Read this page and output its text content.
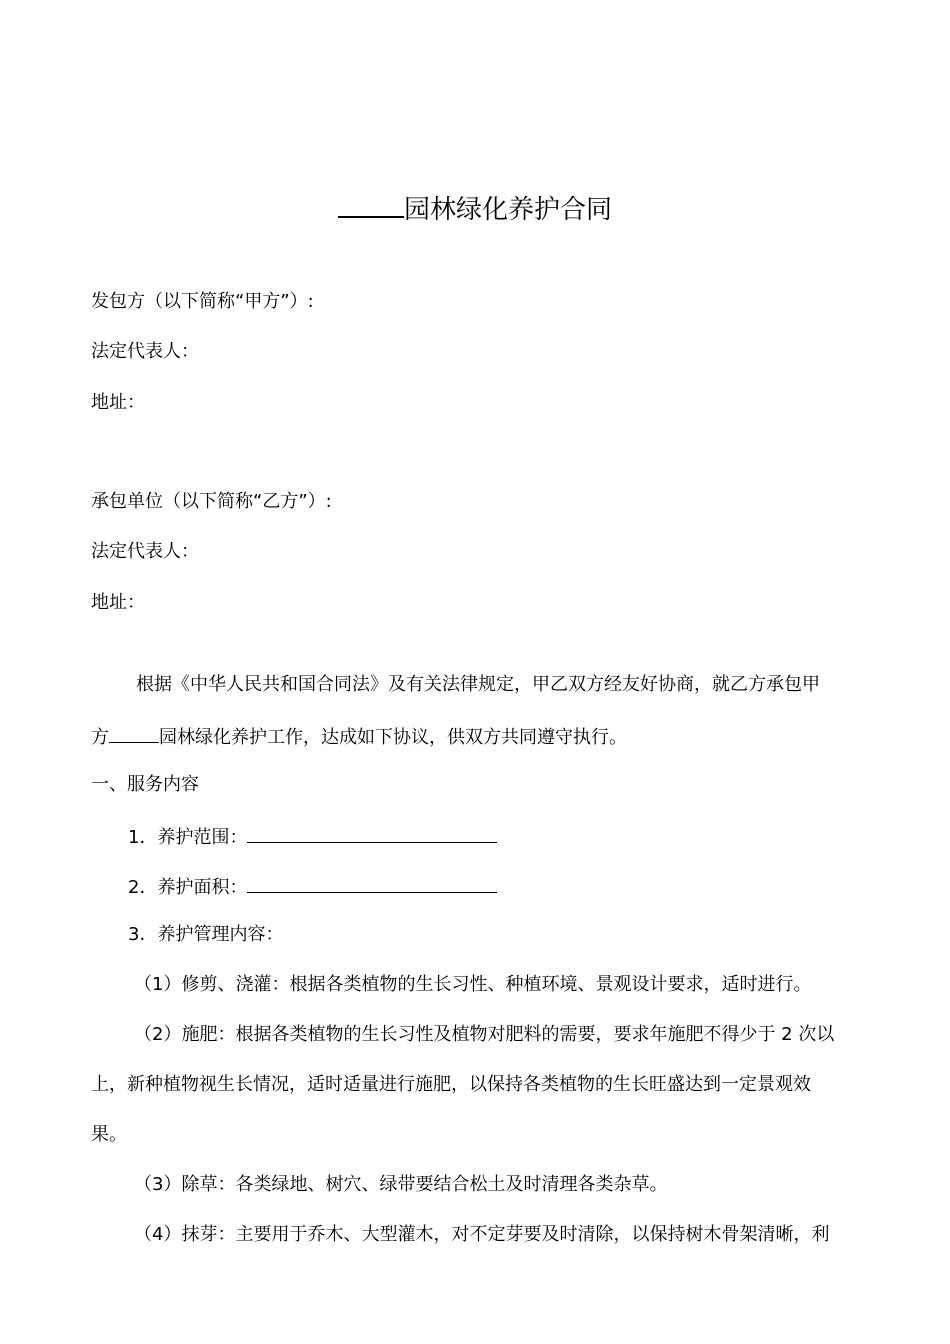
园林绿化养护合同
发包方（以下简称“甲方”）:
法定代表人：
地址：
承包单位（以下简称“乙方”）:
法定代表人：
地址：
根据《中华人民共和国合同法》及有关法律规定，甲乙双方经友好协商，就乙方承包甲
方	园林绿化养护工作，达成如下协议，供双方共同遵守执行。
一、服务内容
1．养护范围：
2．养护面积：
3．养护管理内容：
（1）修剪、浇灌：根据各类植物的生长习性、种植环境、景观设计要求，适时进行。
（2）施肥：根据各类植物的生长习性及植物对肥料的需要，要求年施肥不得少于 2 次以
上，新种植物视生长情况，适时适量进行施肥，以保持各类植物的生长旺盛达到一定景观效
果。
（3）除草：各类绿地、树穴、绿带要结合松土及时清理各类杂草。
（4）抹芽：主要用于乔木、大型灌木，对不定芽要及时清除，以保持树木骨架清晰，利
